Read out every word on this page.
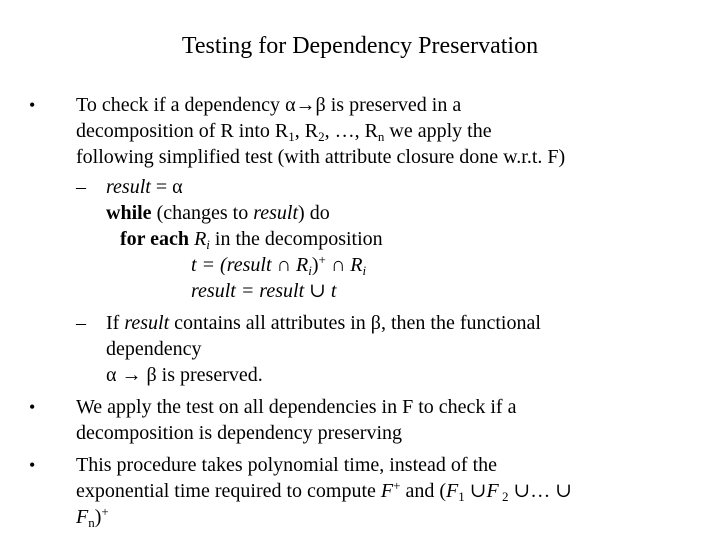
Testing for Dependency Preservation
• To check if a dependency α→β is preserved in a
decomposition of R into $R_1$, $R_2$, …, $R_n$ we apply the
following simplified test (with attribute closure done w.r.t. F)
– result = α
while (changes to result) do
for each $R_i$ in the decomposition
t = (result ∩ $R_i)^+$ ∩ $R_i$
result = result ∪ t
– If result contains all attributes in β, then the functional
dependency
α → β is preserved.
• We apply the test on all dependencies in F to check if a
decomposition is dependency preserving
• This procedure takes polynomial time, instead of the
exponential time required to compute F+ and ($F_1$ ∪F $_2$ ∪… ∪
$F_n)^+$
